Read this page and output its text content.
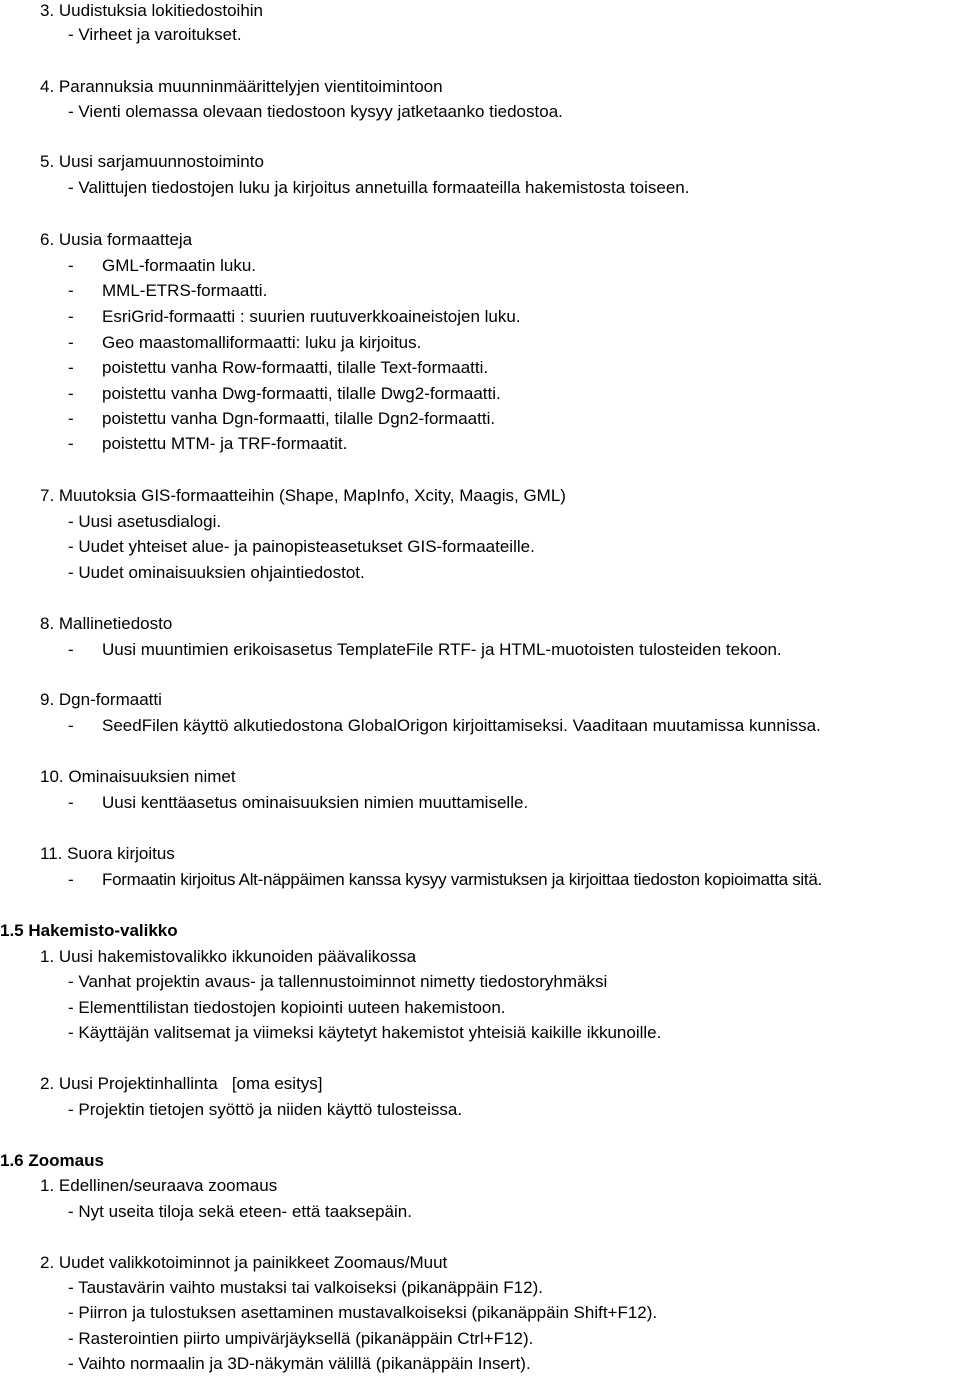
3. Uudistuksia lokitiedostoihin
- Virheet ja varoitukset.
4. Parannuksia muunninmäärittelyjen vientitoimintoon
- Vienti olemassa olevaan tiedostoon kysyy jatketaanko tiedostoa.
5. Uusi sarjamuunnostoiminto
- Valittujen tiedostojen luku ja kirjoitus annetuilla formaateilla hakemistosta toiseen.
6. Uusia formaatteja
- GML-formaatin luku.
- MML-ETRS-formaatti.
- EsriGrid-formaatti : suurien ruutuverkkoaineistojen luku.
- Geo maastomalliformaatti: luku ja kirjoitus.
- poistettu vanha Row-formaatti, tilalle Text-formaatti.
- poistettu vanha Dwg-formaatti, tilalle Dwg2-formaatti.
- poistettu vanha Dgn-formaatti, tilalle Dgn2-formaatti.
- poistettu MTM- ja TRF-formaatit.
7. Muutoksia GIS-formaatteihin (Shape, MapInfo, Xcity, Maagis, GML)
- Uusi asetusdialogi.
- Uudet yhteiset alue- ja painopisteasetukset GIS-formaateille.
- Uudet ominaisuuksien ohjaintiedostot.
8. Mallinetiedosto
- Uusi muuntimien erikoisasetus TemplateFile RTF- ja HTML-muotoisten tulosteiden tekoon.
9. Dgn-formaatti
- SeedFilen käyttö alkutiedostona GlobalOrigon kirjoittamiseksi. Vaaditaan muutamissa kunnissa.
10. Ominaisuuksien nimet
- Uusi kenttäasetus ominaisuuksien nimien muuttamiselle.
11. Suora kirjoitus
- Formaatin kirjoitus Alt-näppäimen kanssa kysyy varmistuksen ja kirjoittaa tiedoston kopioimatta sitä.
1.5 Hakemisto-valikko
1. Uusi hakemistovalikko ikkunoiden päävalikossa
- Vanhat projektin avaus- ja tallennustoiminnot nimetty tiedostoryhmäksi
- Elementtilistan tiedostojen kopiointi uuteen hakemistoon.
- Käyttäjän valitsemat ja viimeksi käytetyt hakemistot yhteisiä kaikille ikkunoille.
2. Uusi Projektinhallinta   [oma esitys]
- Projektin tietojen syöttö ja niiden käyttö tulosteissa.
1.6 Zoomaus
1. Edellinen/seuraava zoomaus
- Nyt useita tiloja sekä eteen- että taaksepäin.
2. Uudet valikkotoiminnot ja painikkeet Zoomaus/Muut
- Taustavärin vaihto mustaksi tai valkoiseksi (pikanäppäin F12).
- Piirron ja tulostuksen asettaminen mustavalkoiseksi (pikanäppäin Shift+F12).
- Rasterointien piirto umpivärjäyksellä (pikanäppäin Ctrl+F12).
- Vaihto normaalin ja 3D-näkymän välillä (pikanäppäin Insert).
